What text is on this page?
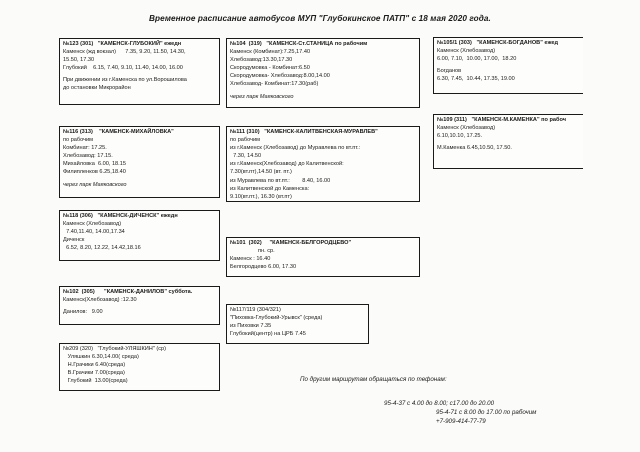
Временное расписание автобусов МУП "Глубокинское ПАТП" с 18 мая 2020 года.
№123 (301)   "КАМЕНСК-ГЛУБОКИЙ" ежедн
Каменск (жд вокзал)      7.35, 9.20, 11.50, 14.30,
15.50, 17.30
Глубокий    6.15, 7.40, 9.10, 11.40, 14.00, 16.00
При движении из г.Каменска по ул.Ворошилова
до остановки Микрорайон
№104  (319)   "КАМЕНСК-Ст.СТАНИЦА по рабочим
Каменск (Комбинат):7.25,17.40
Хлебозавод:13.30,17.30
Скородумовка - Комбинат:6.50
Скородумовка- Хлебозавод:8.00,14.00
Хлебозавод- Комбинат:17.30(раб)
через парк Маяковского
№105/1 (303)   "КАМЕНСК-БОГДАНОВ" ежед
Каменск (Хлебозавод)
6.00, 7.10,  10.00, 17.00,  18.20
Богданов
6.30, 7.45,  10.44, 17.35, 19.00
№116 (313)    "КАМЕНСК-МИХАЙЛОВКА"
по рабочим
Комбинат: 17.25.
Хлебозавод: 17.15.
Михайловка  6.00, 18.15
Филипленков 6.25,18.40
через парк Маяковского
№111 (310)   "КАМЕНСК-КАЛИТВЕНСКАЯ-МУРАВЛЕВ"
по рабочим
из г.Каменск (Хлебозавод) до Муравлева по вт.пт.:
7.30, 14.50
из г.Каменск(Хлебозавод) до Калитвенской:
7.30(вт.пт),14.50 (вт. пт.)
из Муравлева по вт.пт.:        8.40, 16.00
из Калитвенской до Каменска:
9.10(вт.пт.), 16.30 (вт.пт)
№109 (311)   "КАМЕНСК-М.КАМЕНКА" по рабоч
Каменск (Хлебозавод)
6.10,10.10, 17.25.
М.Каменка 6.45,10.50, 17.50.
№118 (306)   "КАМЕНСК-ДИЧЕНСК" ежедн
Каменск (Хлебозавод)
7.40,11.40, 14.00,17.34
Диченск
6.52, 8.20, 12.22, 14.42,18.16
№101  (302)     "КАМЕНСК-БЕЛГОРОДЦЕВО"
пн. ср.
Каменск : 16.40
Белгородцево 6.00, 17.30
№102  (305)      "КАМЕНСК-ДАНИЛОВ" суббота.
Каменск(Хлебозавод) :12.30
Данилов:   9.00	№117/119 (304/321)
"Пиховка-Глубокий-Урывск" (среда)
из Пиховки 7.35
Глубокий(центр) на ЦРБ 7.45
№209 (320)   "Глубокий-УЛЯШКИН" (ср)
Уляшкин 6.30,14.00( среда)
Н.Грачики 6.40(среда)
В.Грачики 7.00(среда)
Глубокий  13.00(среда)	По другим маршрутам обращаться по тефонам:
95-4-37 с 4.00 до 8.00; с17.00 до 20.00
95-4-71 с 8.00 до 17.00 по рабочим
+7-909-414-77-79
